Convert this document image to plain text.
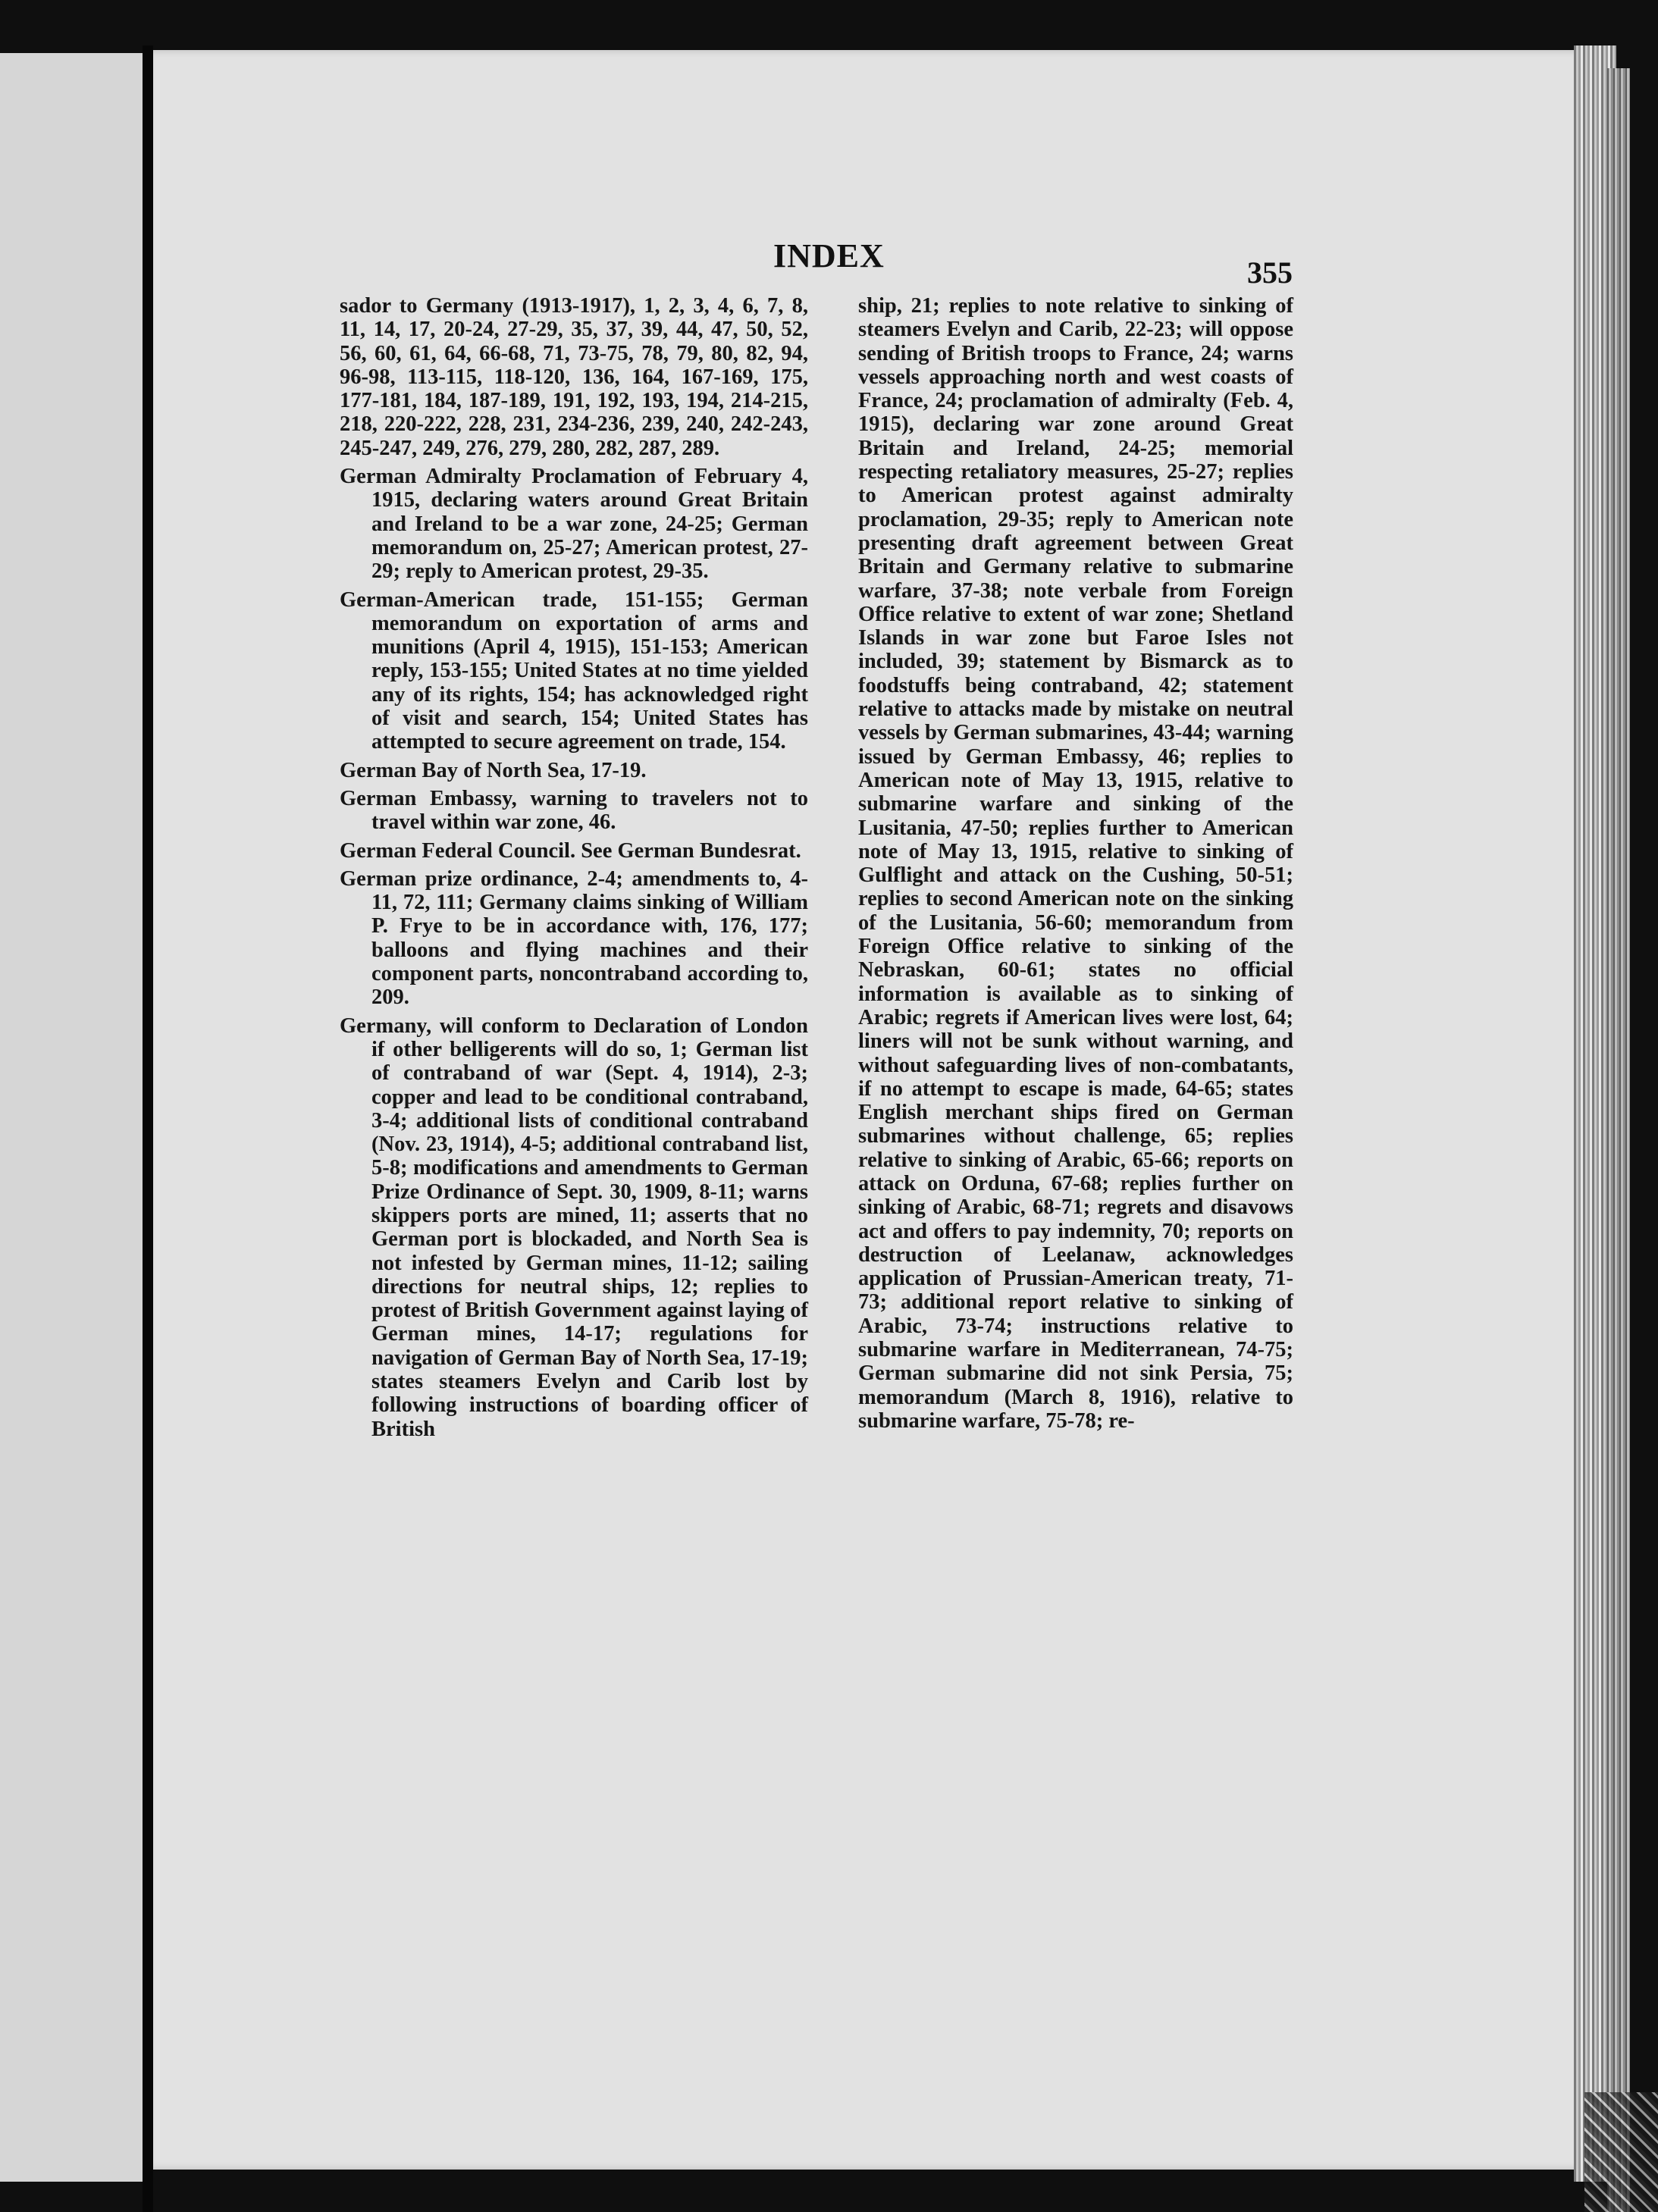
INDEX	355

sador to Germany (1913-1917), 1, 2, 3, 4, 6, 7, 8, 11, 14, 17, 20-24, 27-29, 35, 37, 39, 44, 47, 50, 52, 56, 60, 61, 64, 66-68, 71, 73-75, 78, 79, 80, 82, 94, 96-98, 113-115, 118-120, 136, 164, 167-169, 175, 177-181, 184, 187-189, 191, 192, 193, 194, 214-215, 218, 220-222, 228, 231, 234-236, 239, 240, 242-243, 245-247, 249, 276, 279, 280, 282, 287, 289.

German Admiralty Proclamation of February 4, 1915, declaring waters around Great Britain and Ireland to be a war zone, 24-25; German memorandum on, 25-27; American protest, 27-29; reply to American protest, 29-35.

German-American trade, 151-155; German memorandum on exportation of arms and munitions (April 4, 1915), 151-153; American reply, 153-155; United States at no time yielded any of its rights, 154; has acknowledged right of visit and search, 154; United States has attempted to secure agreement on trade, 154.

German Bay of North Sea, 17-19.

German Embassy, warning to travelers not to travel within war zone, 46.

German Federal Council. See German Bundesrat.

German prize ordinance, 2-4; amendments to, 4-11, 72, 111; Germany claims sinking of William P. Frye to be in accordance with, 176, 177; balloons and flying machines and their component parts, noncontraband according to, 209.

Germany, will conform to Declaration of London if other belligerents will do so, 1; German list of contraband of war (Sept. 4, 1914), 2-3; copper and lead to be conditional contraband, 3-4; additional lists of conditional contraband (Nov. 23, 1914), 4-5; additional contraband list, 5-8; modifications and amendments to German Prize Ordinance of Sept. 30, 1909, 8-11; warns skippers ports are mined, 11; asserts that no German port is blockaded, and North Sea is not infested by German mines, 11-12; sailing directions for neutral ships, 12; replies to protest of British Government against laying of German mines, 14-17; regulations for navigation of German Bay of North Sea, 17-19; states steamers Evelyn and Carib lost by following instructions of boarding officer of British

ship, 21; replies to note relative to sinking of steamers Evelyn and Carib, 22-23; will oppose sending of British troops to France, 24; warns vessels approaching north and west coasts of France, 24; proclamation of admiralty (Feb. 4, 1915), declaring war zone around Great Britain and Ireland, 24-25; memorial respecting retaliatory measures, 25-27; replies to American protest against admiralty proclamation, 29-35; reply to American note presenting draft agreement between Great Britain and Germany relative to submarine warfare, 37-38; note verbale from Foreign Office relative to extent of war zone; Shetland Islands in war zone but Faroe Isles not included, 39; statement by Bismarck as to foodstuffs being contraband, 42; statement relative to attacks made by mistake on neutral vessels by German submarines, 43-44; warning issued by German Embassy, 46; replies to American note of May 13, 1915, relative to submarine warfare and sinking of the Lusitania, 47-50; replies further to American note of May 13, 1915, relative to sinking of Gulflight and attack on the Cushing, 50-51; replies to second American note on the sinking of the Lusitania, 56-60; memorandum from Foreign Office relative to sinking of the Nebraskan, 60-61; states no official information is available as to sinking of Arabic; regrets if American lives were lost, 64; liners will not be sunk without warning, and without safeguarding lives of non-combatants, if no attempt to escape is made, 64-65; states English merchant ships fired on German submarines without challenge, 65; replies relative to sinking of Arabic, 65-66; reports on attack on Orduna, 67-68; replies further on sinking of Arabic, 68-71; regrets and disavows act and offers to pay indemnity, 70; reports on destruction of Leelanaw, acknowledges application of Prussian-American treaty, 71-73; additional report relative to sinking of Arabic, 73-74; instructions relative to submarine warfare in Mediterranean, 74-75; German submarine did not sink Persia, 75; memorandum (March 8, 1916), relative to submarine warfare, 75-78; re-
